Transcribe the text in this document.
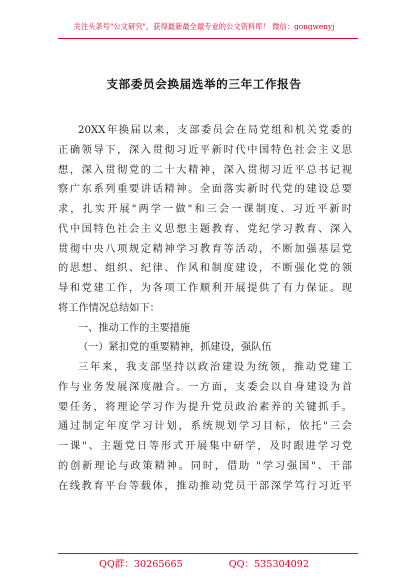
关注头条号"公文研究"，获得最新最全最专业的公文资料库！ 微信：gongwenyj
支部委员会换届选举的三年工作报告
20XX年换届以来，支部委员会在局党组和机关党委的
正确领导下，深入贯彻习近平新时代中国特色社会主义思
想，深入贯彻党的二十大精神，深入贯彻习近平总书记视
察广东系列重要讲话精神。全面落实新时代党的建设总要
求，扎实开展"两学一做"和三会一课制度、习近平新时
代中国特色社会主义思想主题教育、党纪学习教育、深入
贯彻中央八项规定精神学习教育等活动，不断加强基层党
的思想、组织、纪律、作风和制度建设，不断强化党的领
导和党建工作，为各项工作顺利开展提供了有力保证。现
将工作情况总结如下：
一、推动工作的主要措施
（一）紧扣党的重要精神，抓建设，强队伍
三年来，我支部坚持以政治建设为统领，推动党建工
作与业务发展深度融合。一方面，支委会以自身建设为首
要任务，将理论学习作为提升党员政治素养的关键抓手。
通过制定年度学习计划，系统规划学习目标，依托"三会
一课"、主题党日等形式开展集中研学，及时跟进学习党
的创新理论与政策精神。同时，借助 "学习强国"、干部
在线教育平台等载体，推动推动党员干部深学笃行习近平
QQ群：30265665	QQ：535304092
